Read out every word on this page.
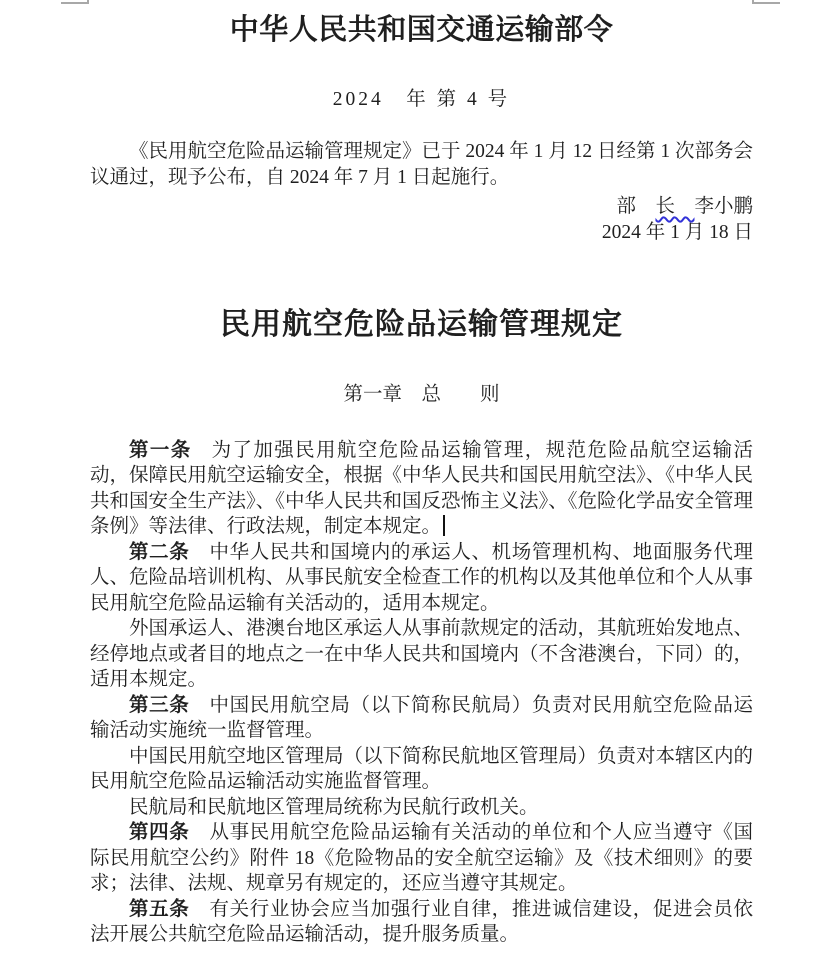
中华人民共和国交通运输部令
2024　年 第 4 号

《民用航空危险品运输管理规定》已于 2024 年 1 月 12 日经第 1 次部务会议通过，现予公布，自 2024 年 7 月 1 日起施行。

部　长　李小鹏
2024 年 1 月 18 日
民用航空危险品运输管理规定
第一章　总　　则

第一条 为了加强民用航空危险品运输管理，规范危险品航空运输活动，保障民用航空运输安全，根据《中华人民共和国民用航空法》、《中华人民共和国安全生产法》、《中华人民共和国反恐怖主义法》、《危险化学品安全管理条例》等法律、行政法规，制定本规定。

第二条 中华人民共和国境内的承运人、机场管理机构、地面服务代理人、危险品培训机构、从事民航安全检查工作的机构以及其他单位和个人从事民用航空危险品运输有关活动的，适用本规定。

外国承运人、港澳台地区承运人从事前款规定的活动，其航班始发地点、经停地点或者目的地点之一在中华人民共和国境内（不含港澳台，下同）的，适用本规定。

第三条 中国民用航空局（以下简称民航局）负责对民用航空危险品运输活动实施统一监督管理。

中国民用航空地区管理局（以下简称民航地区管理局）负责对本辖区内的民用航空危险品运输活动实施监督管理。

民航局和民航地区管理局统称为民航行政机关。

第四条 从事民用航空危险品运输有关活动的单位和个人应当遵守《国际民用航空公约》附件 18《危险物品的安全航空运输》及《技术细则》的要求；法律、法规、规章另有规定的，还应当遵守其规定。

第五条 有关行业协会应当加强行业自律，推进诚信建设，促进会员依法开展公共航空危险品运输活动，提升服务质量。
